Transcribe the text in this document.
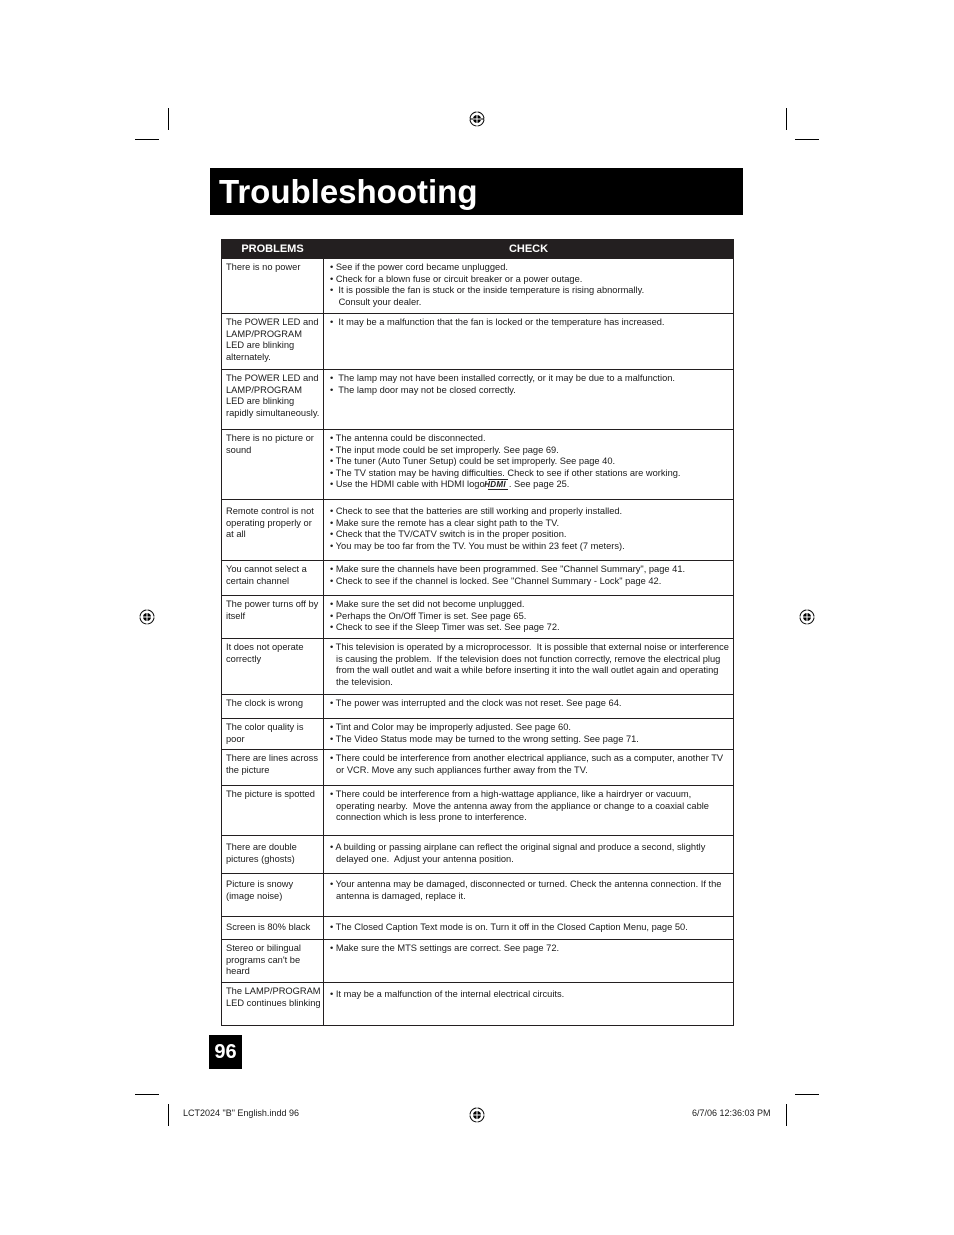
Troubleshooting
PROBLEMS	CHECK
There is no power	• See if the power cord became unplugged.
• Check for a blown fuse or circuit breaker or a power outage.
•  It is possible the fan is stuck or the inside temperature is rising abnormally.
Consult your dealer.

The POWER LED and LAMP/PROGRAM LED are blinking alternately.	•  It may be a malfunction that the fan is locked or the temperature has increased.

The POWER LED and LAMP/PROGRAM LED are blinking rapidly simultaneously.	•  The lamp may not have been installed correctly, or it may be due to a malfunction.
•  The lamp door may not be closed correctly.

There is no picture or sound	• The antenna could be disconnected.
• The input mode could be set improperly. See page 69.
• The tuner (Auto Tuner Setup) could be set improperly. See page 40.
• The TV station may be having difficulties. Check to see if other stations are working.
• Use the HDMI cable with HDMI logo HDMI . See page 25.

Remote control is not operating properly or at all	• Check to see that the batteries are still working and properly installed.
• Make sure the remote has a clear sight path to the TV.
• Check that the TV/CATV switch is in the proper position.
• You may be too far from the TV. You must be within 23 feet (7 meters).

You cannot select a certain channel	• Make sure the channels have been programmed. See "Channel Summary", page 41.
• Check to see if the channel is locked. See "Channel Summary - Lock" page 42.

The power turns off by itself	• Make sure the set did not become unplugged.
• Perhaps the On/Off Timer is set. See page 65.
• Check to see if the Sleep Timer was set. See page 72.

It does not operate correctly	• This television is operated by a microprocessor.  It is possible that external noise or interference is causing the problem.  If the television does not function correctly, remove the electrical plug from the wall outlet and wait a while before inserting it into the wall outlet again and operating the television.

The clock is wrong	• The power was interrupted and the clock was not reset. See page 64.

The color quality is poor	• Tint and Color may be improperly adjusted. See page 60.
• The Video Status mode may be turned to the wrong setting. See page 71.

There are lines across the picture	• There could be interference from another electrical appliance, such as a computer, another TV or VCR. Move any such appliances further away from the TV.

The picture is spotted	• There could be interference from a high-wattage appliance, like a hairdryer or vacuum, operating nearby.  Move the antenna away from the appliance or change to a coaxial cable connection which is less prone to interference.

There are double pictures (ghosts)	• A building or passing airplane can reflect the original signal and produce a second, slightly delayed one.  Adjust your antenna position.

Picture is snowy (image noise)	• Your antenna may be damaged, disconnected or turned. Check the antenna connection. If the antenna is damaged, replace it.

Screen is 80% black	• The Closed Caption Text mode is on. Turn it off in the Closed Caption Menu, page 50.

Stereo or bilingual programs can't be heard	• Make sure the MTS settings are correct. See page 72.

The LAMP/PROGRAM LED continues blinking	• It may be a malfunction of the internal electrical circuits.
96
LCT2024 "B" English.indd 96	6/7/06 12:36:03 PM
